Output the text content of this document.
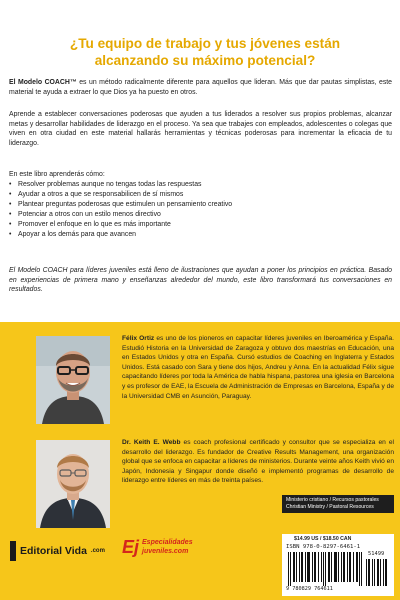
¿Tu equipo de trabajo y tus jóvenes están alcanzando su máximo potencial?

El Modelo COACH™ es un método radicalmente diferente para aquellos que lideran. Más que dar pautas simplistas, este material te ayuda a extraer lo que Dios ya ha puesto en otros.

Aprende a establecer conversaciones poderosas que ayuden a tus liderados a resolver sus propios problemas, alcanzar metas y desarrollar habilidades de liderazgo en el proceso. Ya sea que trabajes con empleados, adolescentes o colegas que viven en otra ciudad en este material hallarás herramientas y técnicas poderosas para incrementar la eficacia de tu liderazgo.

En este libro aprenderás cómo:

• Resolver problemas aunque no tengas todas las respuestas
• Ayudar a otros a que se responsabilicen de sí mismos
• Plantear preguntas poderosas que estimulen un pensamiento creativo
• Potenciar a otros con un estilo menos directivo
• Promover el enfoque en lo que es más importante
• Apoyar a los demás para que avancen

El Modelo COACH para líderes juveniles está lleno de ilustraciones que ayudan a poner los principios en práctica. Basado en experiencias de primera mano y enseñanzas alrededor del mundo, este libro transformará tus conversaciones en resultados.

Félix Ortiz es uno de los pioneros en capacitar líderes juveniles en Iberoamérica y España. Estudió Historia en la Universidad de Zaragoza y obtuvo dos maestrías en Educación, una en Estados Unidos y otra en España. Cursó estudios de Coaching en Inglaterra y Estados Unidos. Está casado con Sara y tiene dos hijos, Andreu y Anna. En la actualidad Félix sigue capacitando líderes por toda la América de habla hispana, pastorea una iglesia en Barcelona y es profesor de EAE, la Escuela de Administración de Empresas en Barcelona, España y de la Universidad CMB en Asunción, Paraguay.

Dr. Keith E. Webb es coach profesional certificado y consultor que se especializa en el desarrollo del liderazgo. Es fundador de Creative Results Management, una organización global que se enfoca en capacitar a líderes de ministerios. Durante veinte años Keith vivió en Japón, Indonesia y Singapur donde diseñó e implementó programas de desarrollo de liderazgo entre líderes en más de treinta países.

Editorial Vida .com Ej Especialidades
juveniles.com
Ministerio cristiano / Recursos pastorales
Christian Ministry / Pastoral Resources
$14.99 US / $18.50 CAN
ISBN 978-0-8297-6461-1
51499
9 780829 764611
